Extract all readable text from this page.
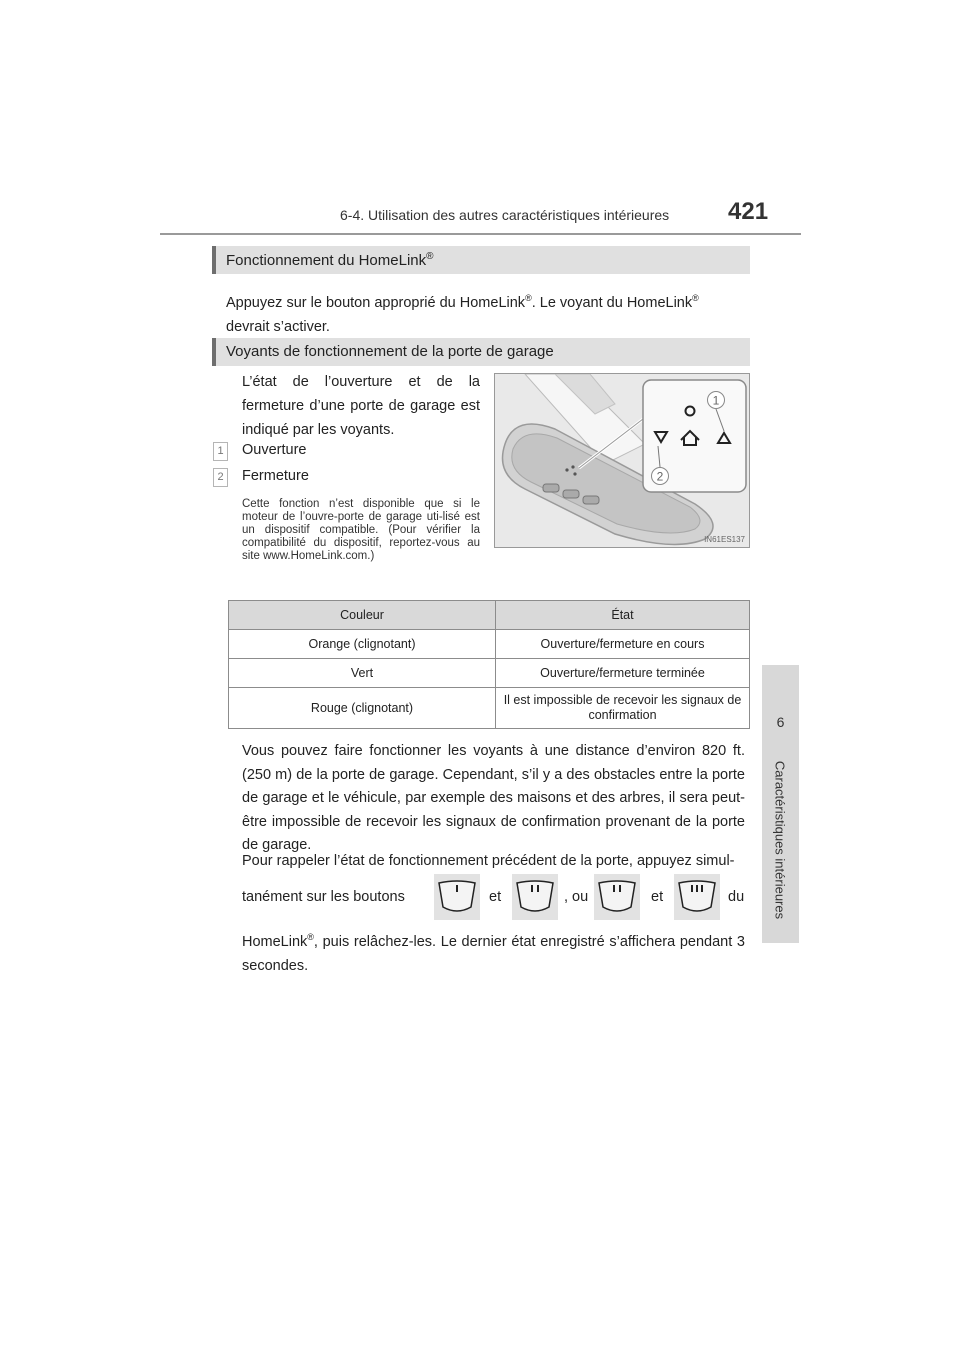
6-4. Utilisation des autres caractéristiques intérieures 421
6
Caractéristiques intérieures
Fonctionnement du HomeLink®

Appuyez sur le bouton approprié du HomeLink®. Le voyant du HomeLink®
devrait s’activer.

Voyants de fonctionnement de la porte de garage

L’état de l’ouverture et de la fermeture d’une porte de garage est indiqué par les voyants.

1	Ouverture
2	Fermeture
Cette fonction n’est disponible que si le moteur de l’ouvre-porte de garage uti-lisé est un dispositif compatible. (Pour vérifier la compatibilité du dispositif, reportez-vous au site www.HomeLink.com.)
1
2
IN61ES137
Couleur	État
Orange (clignotant)	Ouverture/fermeture en cours
Vert	Ouverture/fermeture terminée
Rouge (clignotant)	Il est impossible de recevoir les signaux de confirmation

Vous pouvez faire fonctionner les voyants à une distance d’environ 820 ft. (250 m) de la porte de garage. Cependant, s’il y a des obstacles entre la porte de garage et le véhicule, par exemple des maisons et des arbres, il sera peut-être impossible de recevoir les signaux de confirmation provenant de la porte de garage.

Pour rappeler l’état de fonctionnement précédent de la porte, appuyez simul-

tanément sur les boutons	et	, ou	et	du

HomeLink®, puis relâchez-les. Le dernier état enregistré s’affichera pendant 3 secondes.
